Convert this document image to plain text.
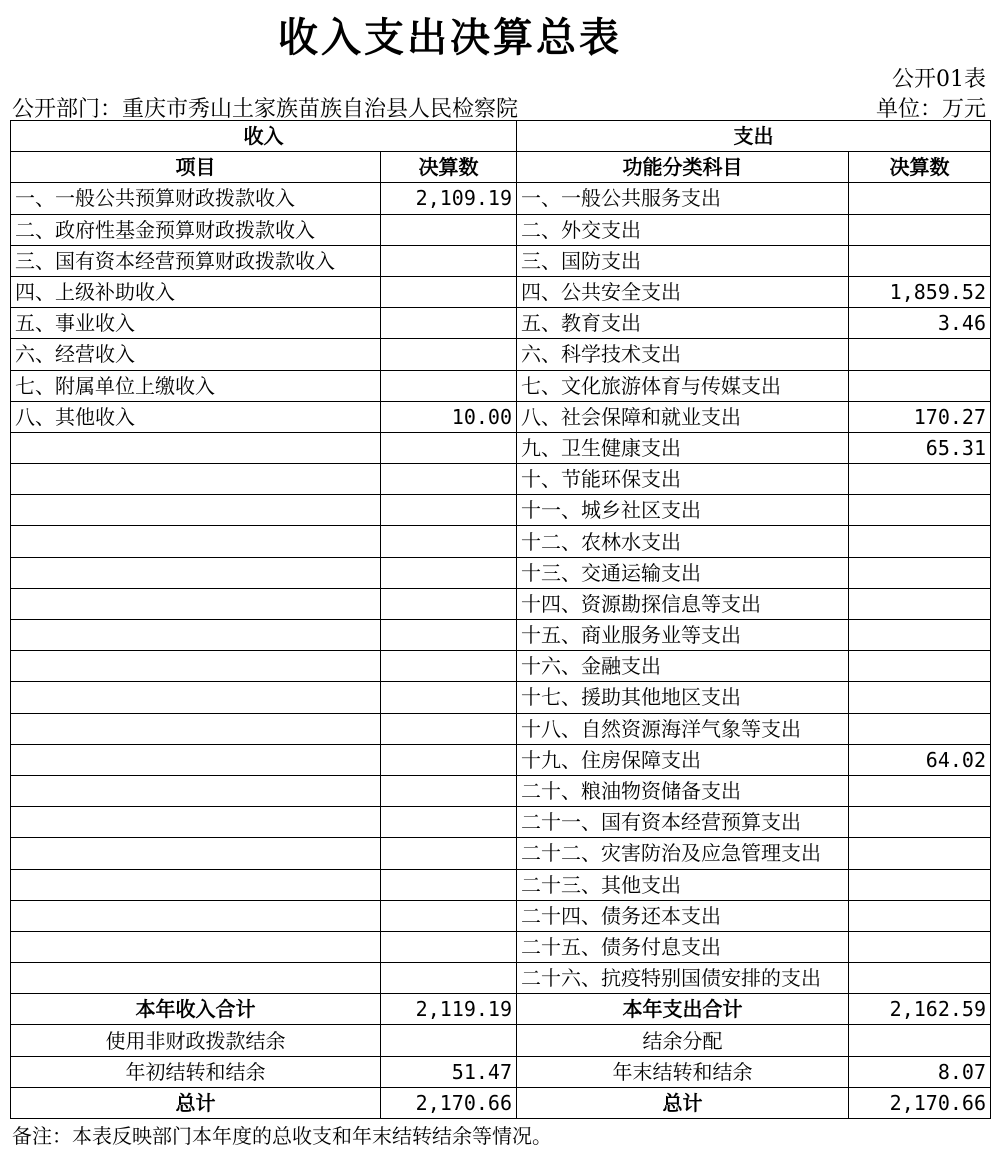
收入支出决算总表
公开01表
公开部门：重庆市秀山土家族苗族自治县人民检察院	单位：万元
收入		支出	
项目	决算数	功能分类科目	决算数
一、一般公共预算财政拨款收入	2,109.19	一、一般公共服务支出	
二、政府性基金预算财政拨款收入		二、外交支出	
三、国有资本经营预算财政拨款收入		三、国防支出	
四、上级补助收入		四、公共安全支出	1,859.52
五、事业收入		五、教育支出	3.46
六、经营收入		六、科学技术支出	
七、附属单位上缴收入		七、文化旅游体育与传媒支出	
八、其他收入	10.00	八、社会保障和就业支出	170.27
		九、卫生健康支出	65.31
		十、节能环保支出	
		十一、城乡社区支出	
		十二、农林水支出	
		十三、交通运输支出	
		十四、资源勘探信息等支出	
		十五、商业服务业等支出	
		十六、金融支出	
		十七、援助其他地区支出	
		十八、自然资源海洋气象等支出	
		十九、住房保障支出	64.02
		二十、粮油物资储备支出	
		二十一、国有资本经营预算支出	
		二十二、灾害防治及应急管理支出	
		二十三、其他支出	
		二十四、债务还本支出	
		二十五、债务付息支出	
		二十六、抗疫特别国债安排的支出	
本年收入合计	2,119.19	本年支出合计	2,162.59
使用非财政拨款结余		结余分配	
年初结转和结余	51.47	年末结转和结余	8.07
总计	2,170.66	总计	2,170.66
备注：本表反映部门本年度的总收支和年末结转结余等情况。
